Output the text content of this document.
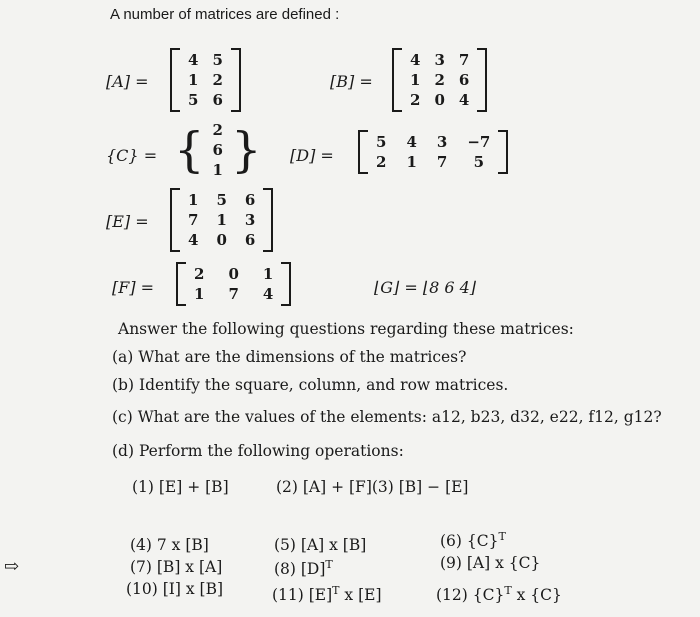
A number of matrices are defined :
[A] =
4 5
1 2
5 6
[B] =
4 3 7
1 2 6
2 0 4
{C} = { 2
6
1 } [D] =
5 4 3 −7
2 1 7	5
[E] =
1 5 6
7 1 3
4 0 6
[F] =
2 0 1
1 7 4	⌊G⌋ = ⌊8 6 4⌋
Answer the following questions regarding these matrices:
(a) What are the dimensions of the matrices?
(b) Identify the square, column, and row matrices.
(c) What are the values of the elements: a12, b23, d32, e22, f12, g12?
(d) Perform the following operations:
(1) [E] + [B]	(2) [A] + [F](3) [B] − [E]
(4) 7 x [B]	(5) [A] x [B]	(6) $\{C\}^T$
(7) [B] x [A]	(8) $[D]^T$	(9) [A] x {C}
(10) [I] x [B]	(11) $[E]^T$ x [E]	(12) $\{C\}^T$ x {C}
⇨
